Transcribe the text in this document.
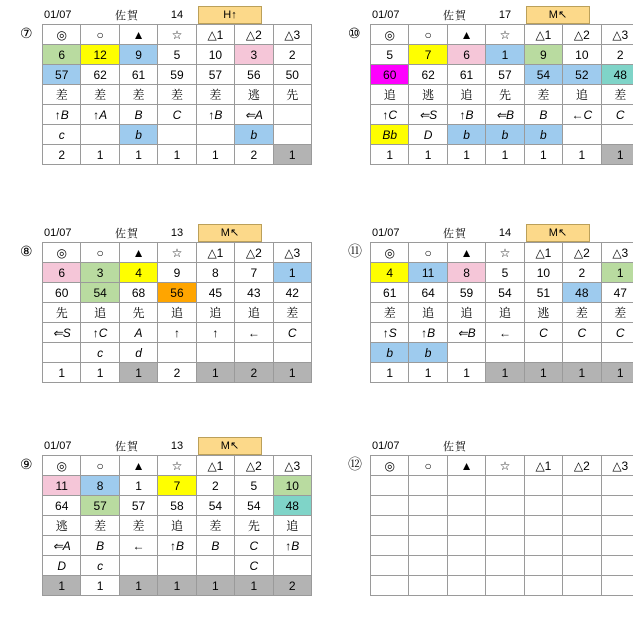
01/07	佐賀	14	H↑
⑦	◎	○	▲	☆	△1	△2	△3
6	12	9	5	10	3	2
57	62	61	59	57	56	50
差	差	差	差	差	逃	先
↑B	↑A	B	C	↑B	⇐A	
c		b			b	
2	1	1	1	1	2	1
01/07	佐賀	17	M↖
⑩	◎	○	▲	☆	△1	△2	△3
5	7	6	1	9	10	2
60	62	61	57	54	52	48
追	逃	追	先	差	追	差
↑C	⇐S	↑B	⇐B	B	←C	C
Bb	D	b	b	b		
1	1	1	1	1	1	1
01/07	佐賀	13	M↖
⑧	◎	○	▲	☆	△1	△2	△3
6	3	4	9	8	7	1
60	54	68	56	45	43	42
先	追	先	追	追	追	差
⇐S	↑C	A	↑	↑	←	C
	c	d				
1	1	1	2	1	2	1
01/07	佐賀	14	M↖
⑪	◎	○	▲	☆	△1	△2	△3
4	11	8	5	10	2	1
61	64	59	54	51	48	47
差	追	追	追	逃	差	差
↑S	↑B	⇐B	←	C	C	C
b	b					
1	1	1	1	1	1	1
01/07	佐賀	13	M↖
⑨	◎	○	▲	☆	△1	△2	△3
11	8	1	7	2	5	10
64	57	57	58	54	54	48
逃	差	差	追	差	先	追
⇐A	B	←	↑B	B	C	↑B
D	c				C	
1	1	1	1	1	1	2
01/07	佐賀
⑫	◎	○	▲	☆	△1	△2	△3
